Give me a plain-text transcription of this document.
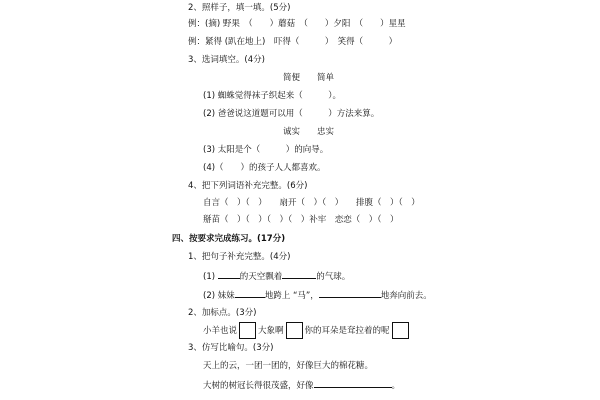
2、照样子，填一填。(5分)
例：(摘) 野果　（　　）蘑菇　（　　）夕阳　（　　）星星
例：紧得 (趴在地上)　吓得（　　　）　笑得（　　　）
3、选词填空。(4分)
简便　　简单
(1) 蜘蛛觉得袜子织起来（　　　）。
(2) 爸爸说这道题可以用（　　　）方法来算。
诚实　　忠实
(3) 太阳是个（　　　）的向导。
(4)（　　）的孩子人人都喜欢。
4、把下列词语补充完整。(6分)
自言（　）（　）　　扇开（　）（　）　　排腹（　）（　）
掰苗（　）（　）（　）（　）补牢　恋恋（　）（　）
四、按要求完成练习。(17分)
1、把句子补充完整。(4分)
(1)	的天空飘着	的气球。
(2) 妹妹	地跨上 “马”，	地奔向前去。
2、加标点。(3分)
小羊也说 大象啊 你的耳朵是耷拉着的呢
3、仿写比喻句。(3分)
天上的云，一团一团的，好像巨大的棉花糖。
大树的树冠长得很茂盛，好像	。
